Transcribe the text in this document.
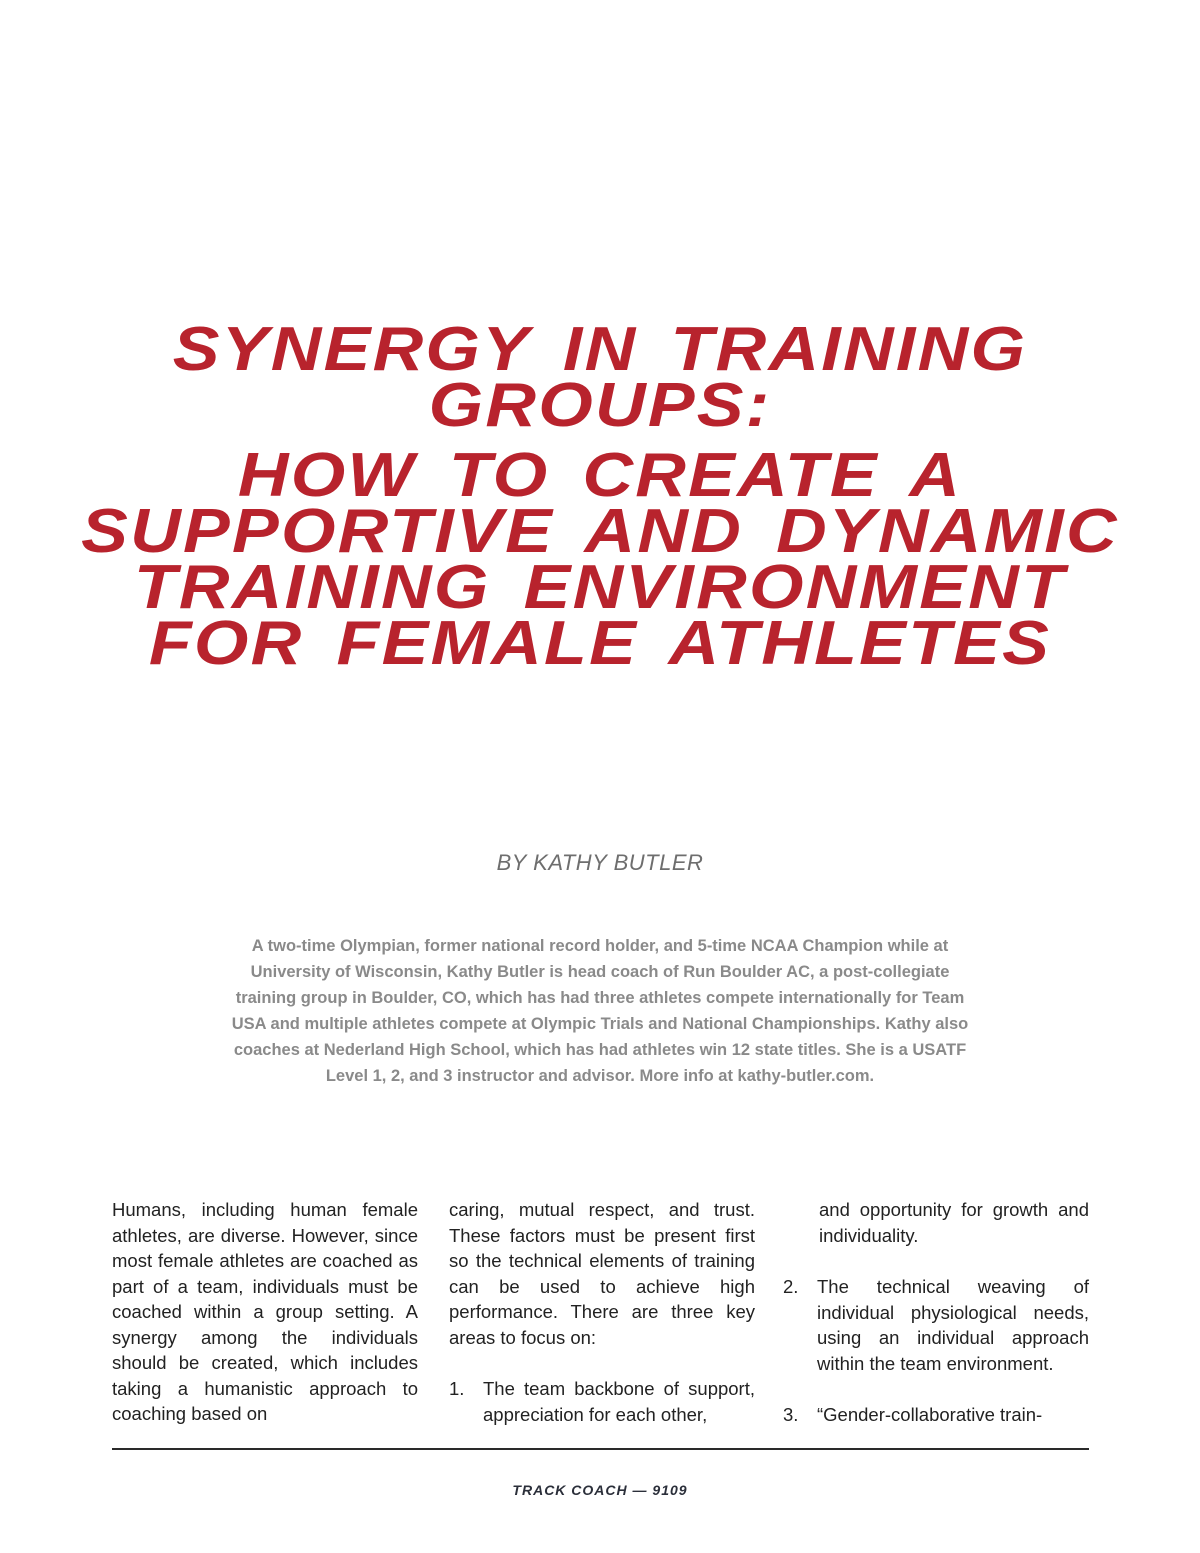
SYNERGY IN TRAINING
GROUPS:
HOW TO CREATE A
SUPPORTIVE AND DYNAMIC
TRAINING ENVIRONMENT
FOR FEMALE ATHLETES
BY KATHY BUTLER
A two-time Olympian, former national record holder, and 5-time NCAA Champion while at
University of Wisconsin, Kathy Butler is head coach of Run Boulder AC, a post-collegiate
training group in Boulder, CO, which has had three athletes compete internationally for Team
USA and multiple athletes compete at Olympic Trials and National Championships. Kathy also
coaches at Nederland High School, which has had athletes win 12 state titles. She is a USATF
Level 1, 2, and 3 instructor and advisor. More info at kathy-butler.com.

Humans, including human female athletes, are diverse. However, since most female athletes are coached as part of a team, individuals must be coached within a group setting. A synergy among the individuals should be created, which includes taking a humanistic approach to coaching based on

caring, mutual respect, and trust. These factors must be present first so the technical elements of training can be used to achieve high performance. There are three key areas to focus on:

1.	The team backbone of support, appreciation for each other,
and opportunity for growth and individuality.
2.	The technical weaving of individual physiological needs, using an individual approach within the team environment.
3.	“Gender-collaborative train-
TRACK COACH — 9109
